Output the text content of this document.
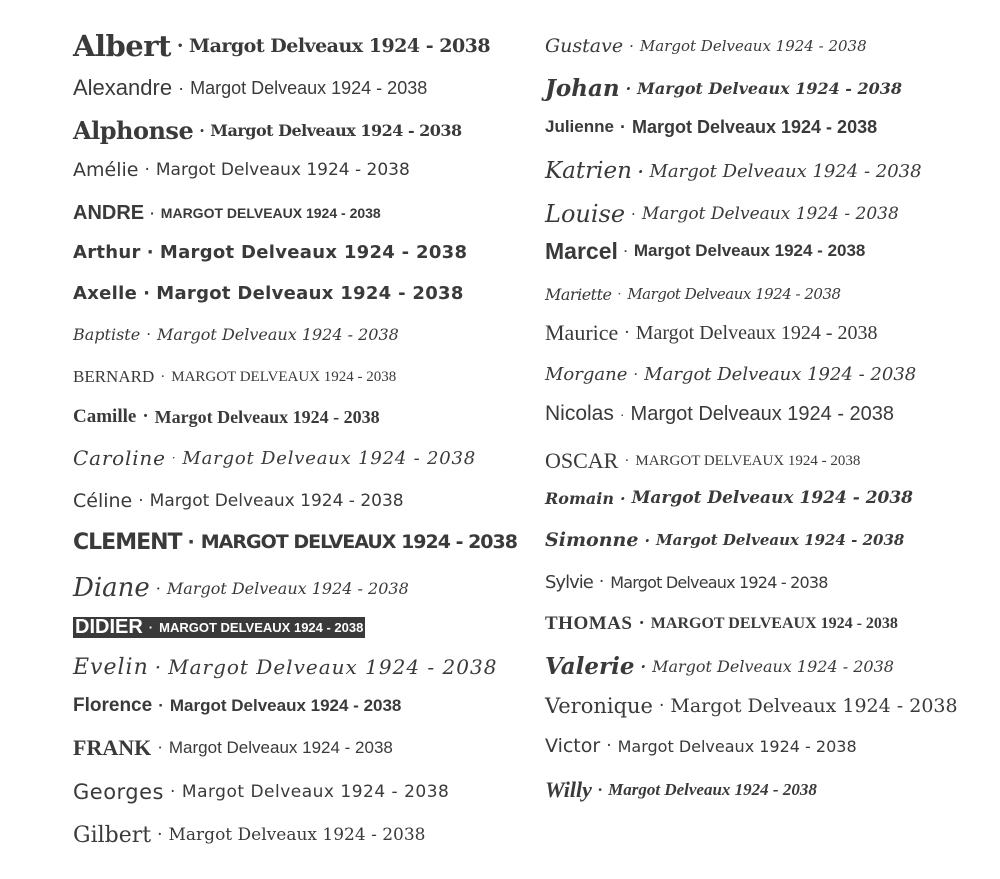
Albert · Margot Delveaux 1924 - 2038
Alexandre · Margot Delveaux 1924 - 2038
Alphonse · Margot Delveaux 1924 - 2038
Amélie · Margot Delveaux 1924 - 2038
ANDRE · MARGOT DELVEAUX 1924 - 2038
Arthur · Margot Delveaux 1924 - 2038
Axelle · Margot Delveaux 1924 - 2038
Baptiste · Margot Delveaux 1924 - 2038
BERNARD · MARGOT DELVEAUX 1924 - 2038
Camille · Margot Delveaux 1924 - 2038
Caroline · Margot Delveaux 1924 - 2038
Céline · Margot Delveaux 1924 - 2038
CLEMENT · MARGOT DELVEAUX 1924 - 2038
Diane · Margot Delveaux 1924 - 2038
DIDIER · MARGOT DELVEAUX 1924 - 2038
Evelin · Margot Delveaux 1924 - 2038
Florence · Margot Delveaux 1924 - 2038
FRANK · Margot Delveaux 1924 - 2038
Georges · Margot Delveaux 1924 - 2038
Gilbert · Margot Delveaux 1924 - 2038
Gustave · Margot Delveaux 1924 - 2038
Johan · Margot Delveaux 1924 - 2038
Julienne · Margot Delveaux 1924 - 2038
Katrien · Margot Delveaux 1924 - 2038
Louise · Margot Delveaux 1924 - 2038
Marcel · Margot Delveaux 1924 - 2038
Mariette · Margot Delveaux 1924 - 2038
Maurice · Margot Delveaux 1924 - 2038
Morgane · Margot Delveaux 1924 - 2038
Nicolas · Margot Delveaux 1924 - 2038
OSCAR · MARGOT DELVEAUX 1924 - 2038
Romain · Margot Delveaux 1924 - 2038
Simonne · Margot Delveaux 1924 - 2038
Sylvie · Margot Delveaux 1924 - 2038
THOMAS · MARGOT DELVEAUX 1924 - 2038
Valerie · Margot Delveaux 1924 - 2038
Veronique · Margot Delveaux 1924 - 2038
Victor · Margot Delveaux 1924 - 2038
Willy · Margot Delveaux 1924 - 2038
